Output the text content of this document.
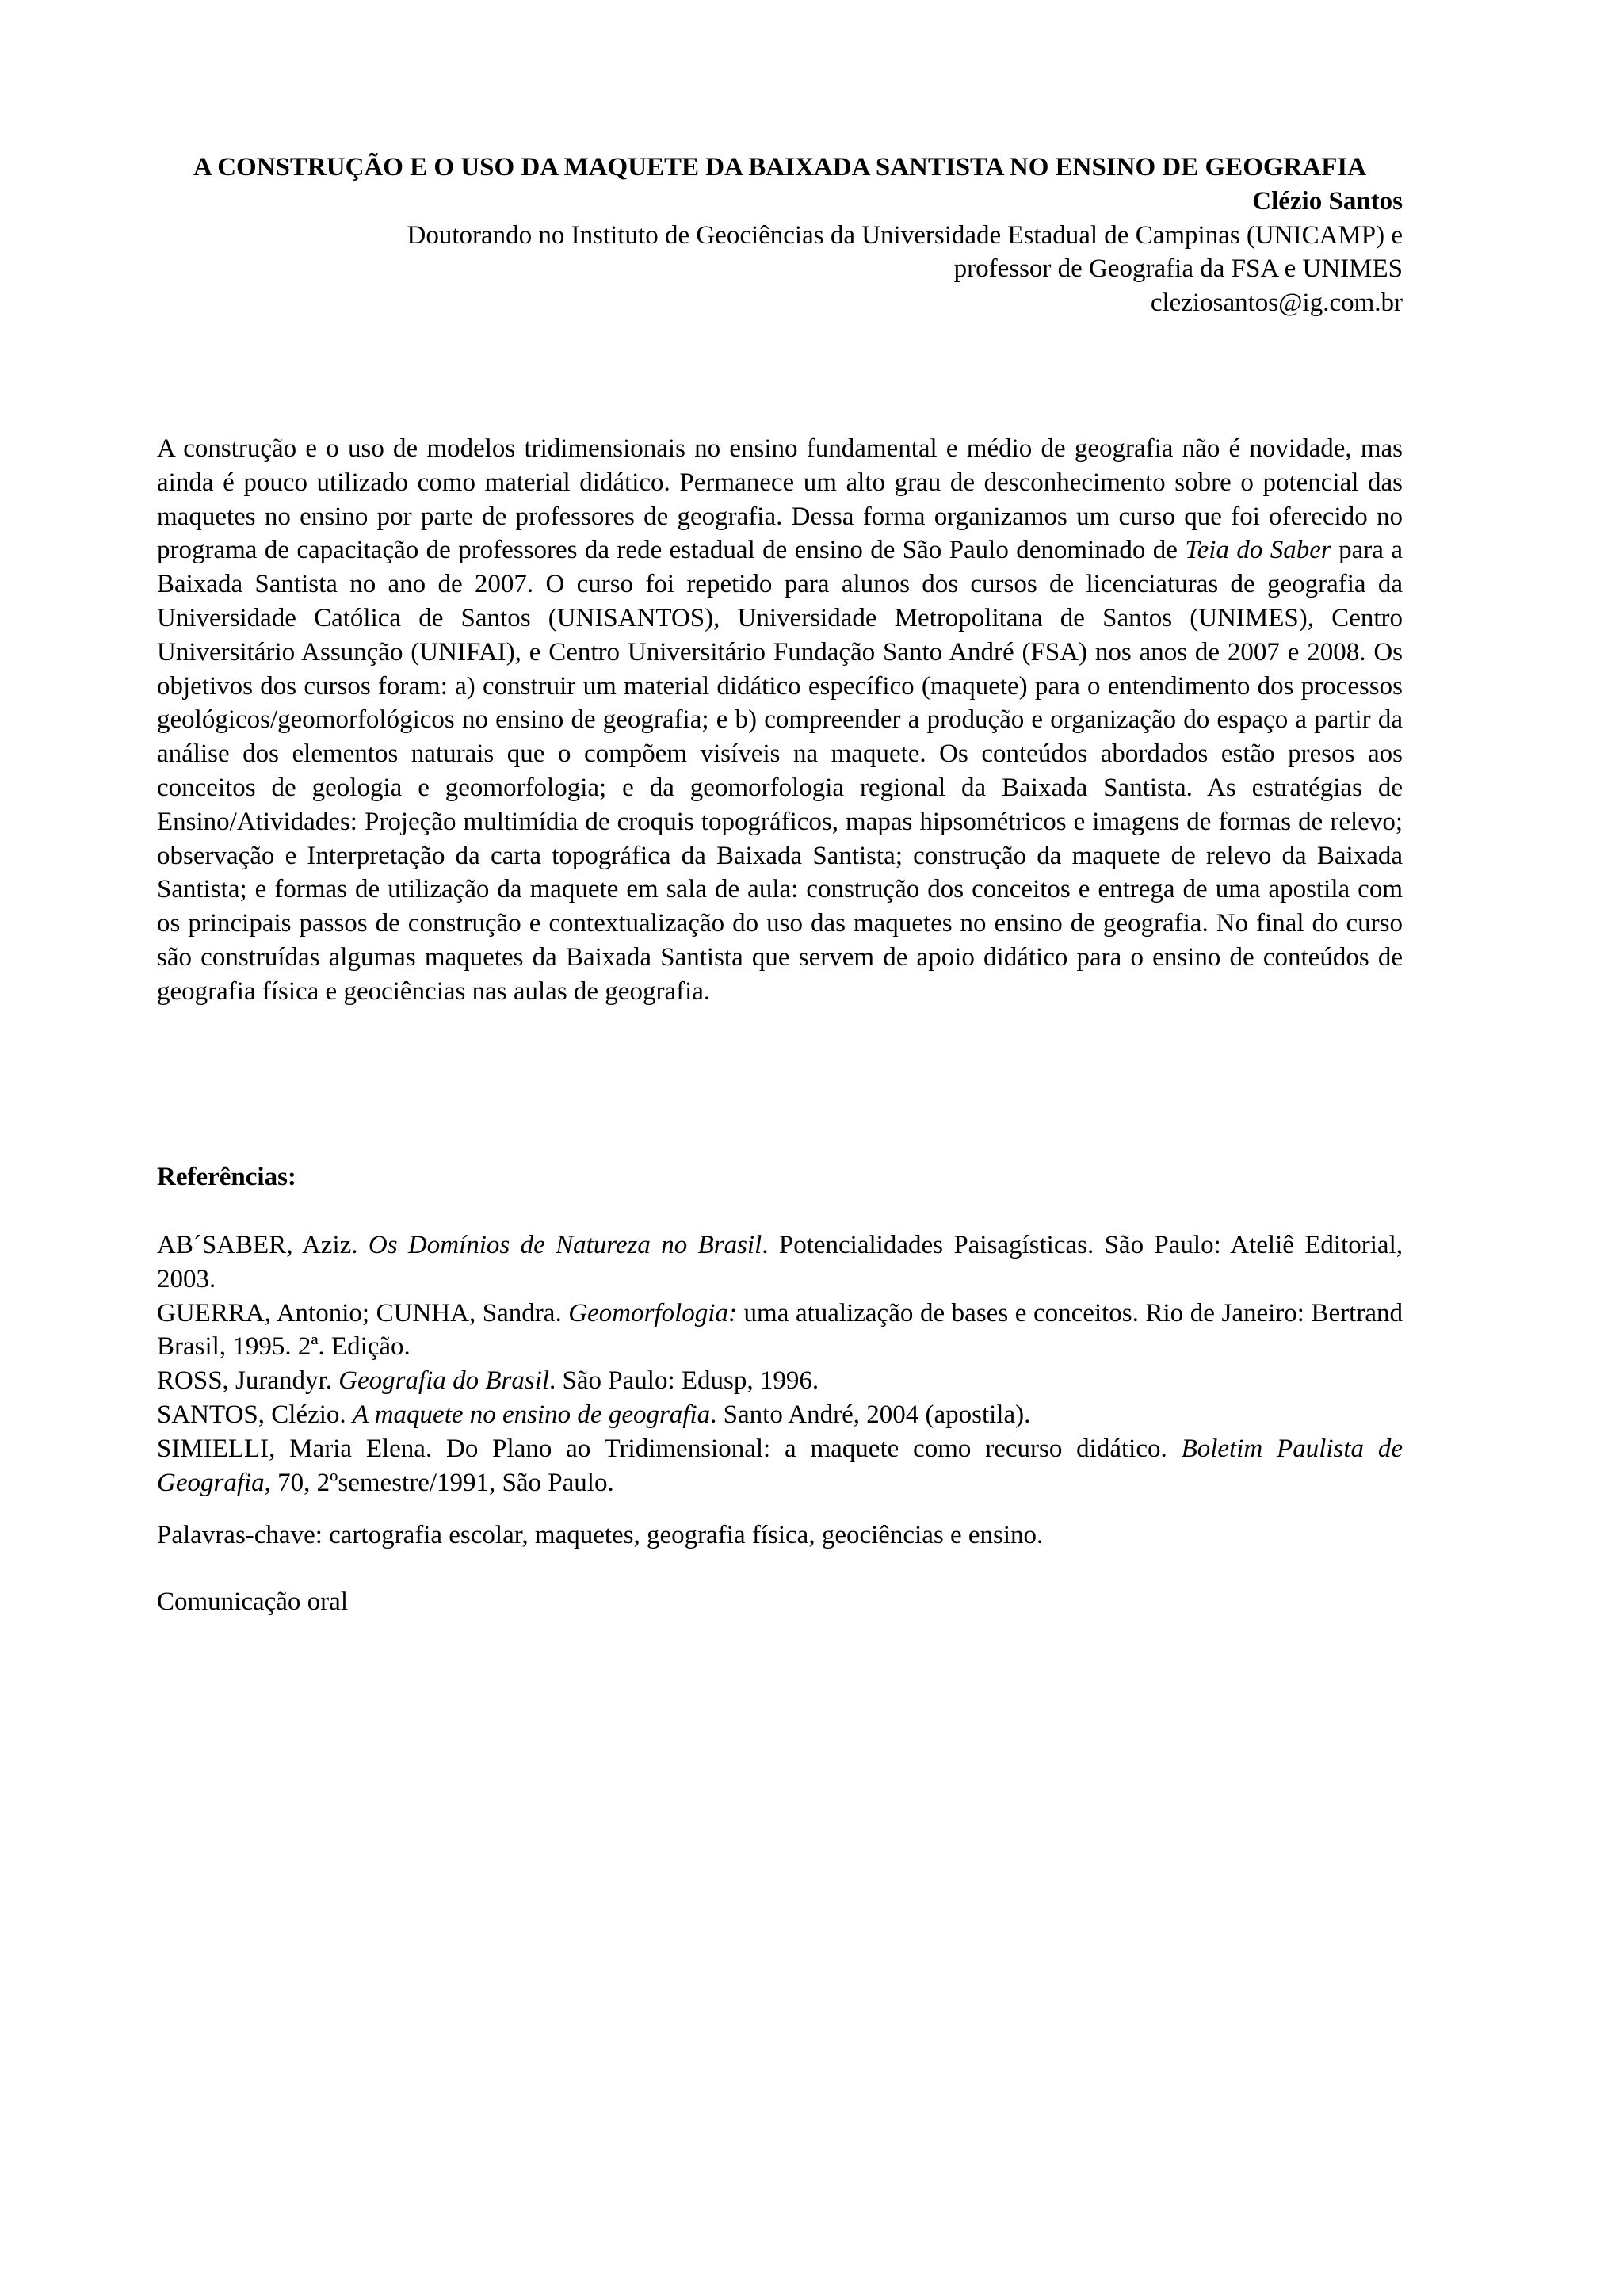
A CONSTRUÇÃO E O USO DA MAQUETE DA BAIXADA SANTISTA NO ENSINO DE GEOGRAFIA

Clézio Santos

Doutorando no Instituto de Geociências da Universidade Estadual de Campinas (UNICAMP) e

professor de Geografia da FSA e UNIMES

cleziosantos@ig.com.br

A construção e o uso de modelos tridimensionais no ensino fundamental e médio de geografia não é novidade, mas ainda é pouco utilizado como material didático. Permanece um alto grau de desconhecimento sobre o potencial das maquetes no ensino por parte de professores de geografia. Dessa forma organizamos um curso que foi oferecido no programa de capacitação de professores da rede estadual de ensino de São Paulo denominado de Teia do Saber para a Baixada Santista no ano de 2007. O curso foi repetido para alunos dos cursos de licenciaturas de geografia da Universidade Católica de Santos (UNISANTOS), Universidade Metropolitana de Santos (UNIMES), Centro Universitário Assunção (UNIFAI), e Centro Universitário Fundação Santo André (FSA) nos anos de 2007 e 2008. Os objetivos dos cursos foram: a) construir um material didático específico (maquete) para o entendimento dos processos geológicos/geomorfológicos no ensino de geografia; e b) compreender a produção e organização do espaço a partir da análise dos elementos naturais que o compõem visíveis na maquete. Os conteúdos abordados estão presos aos conceitos de geologia e geomorfologia; e da geomorfologia regional da Baixada Santista. As estratégias de Ensino/Atividades: Projeção multimídia de croquis topográficos, mapas hipsométricos e imagens de formas de relevo; observação e Interpretação da carta topográfica da Baixada Santista; construção da maquete de relevo da Baixada Santista; e formas de utilização da maquete em sala de aula: construção dos conceitos e entrega de uma apostila com os principais passos de construção e contextualização do uso das maquetes no ensino de geografia. No final do curso são construídas algumas maquetes da Baixada Santista que servem de apoio didático para o ensino de conteúdos de geografia física e geociências nas aulas de geografia.

Referências:

AB´SABER, Aziz. Os Domínios de Natureza no Brasil. Potencialidades Paisagísticas. São Paulo: Ateliê Editorial, 2003.

GUERRA, Antonio; CUNHA, Sandra. Geomorfologia: uma atualização de bases e conceitos. Rio de Janeiro: Bertrand Brasil, 1995. 2ª. Edição.

ROSS, Jurandyr. Geografia do Brasil. São Paulo: Edusp, 1996.

SANTOS, Clézio. A maquete no ensino de geografia. Santo André, 2004 (apostila).

SIMIELLI, Maria Elena. Do Plano ao Tridimensional: a maquete como recurso didático. Boletim Paulista de Geografia, 70, 2ºsemestre/1991, São Paulo.

Palavras-chave: cartografia escolar, maquetes, geografia física, geociências e ensino.

Comunicação oral
